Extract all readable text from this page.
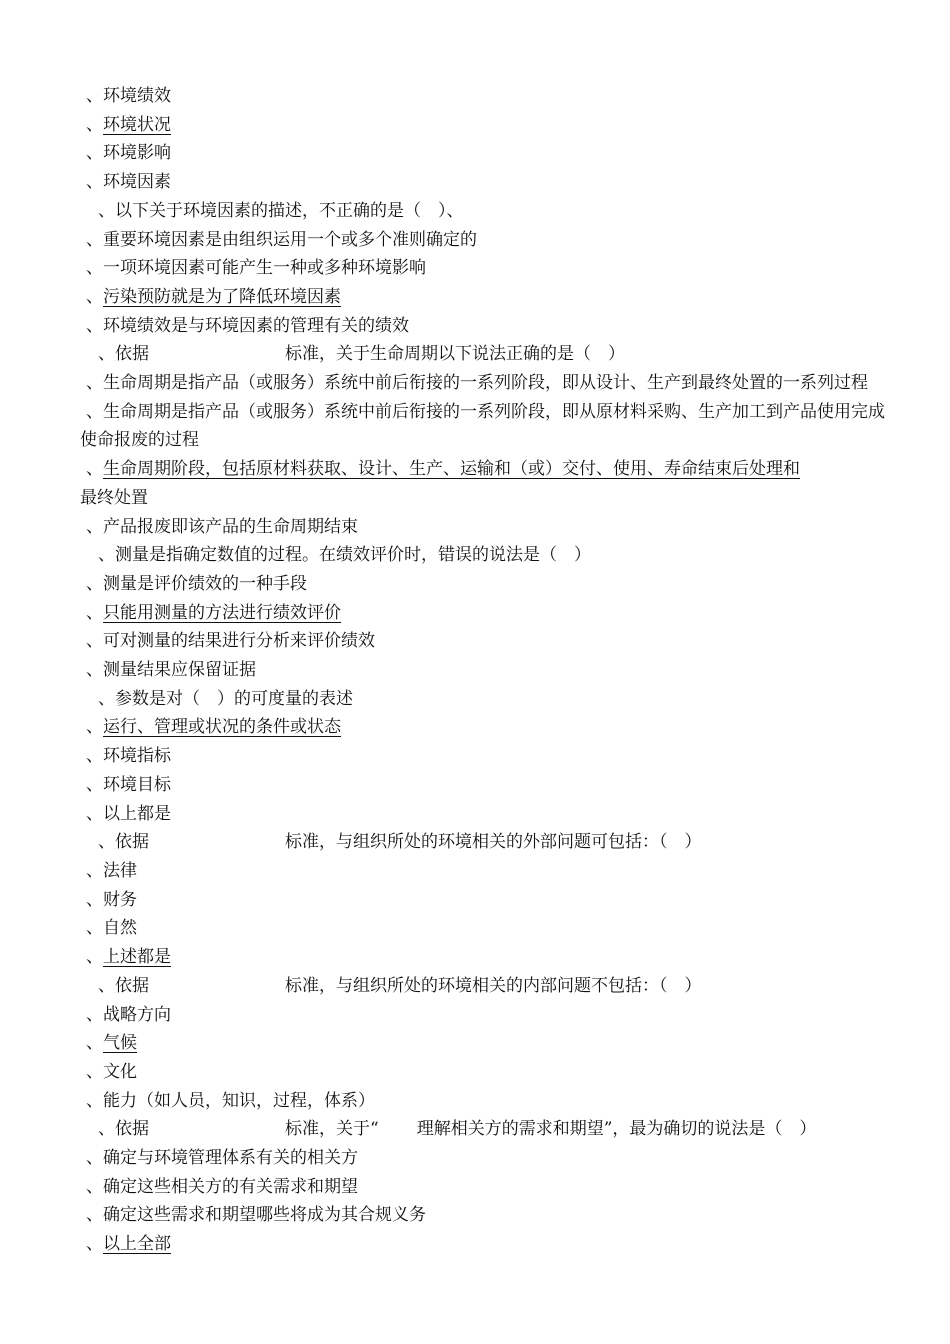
、环境绩效
、环境状况
、环境影响
、环境因素
、以下关于环境因素的描述，不正确的是（　）、
、重要环境因素是由组织运用一个或多个准则确定的
、一项环境因素可能产生一种或多种环境影响
、污染预防就是为了降低环境因素
、环境绩效是与环境因素的管理有关的绩效
、依据	标准，关于生命周期以下说法正确的是（　）
、生命周期是指产品（或服务）系统中前后衔接的一系列阶段，即从设计、生产到最终处置的一系列过程
、生命周期是指产品（或服务）系统中前后衔接的一系列阶段，即从原材料采购、生产加工到产品使用完成使命报废的过程
、生命周期阶段，包括原材料获取、设计、生产、运输和（或）交付、使用、寿命结束后处理和
最终处置
、产品报废即该产品的生命周期结束
、测量是指确定数值的过程。在绩效评价时，错误的说法是（　）
、测量是评价绩效的一种手段
、只能用测量的方法进行绩效评价
、可对测量的结果进行分析来评价绩效
、测量结果应保留证据
、参数是对（　）的可度量的表述
、运行、管理或状况的条件或状态
、环境指标
、环境目标
、以上都是
、依据	标准，与组织所处的环境相关的外部问题可包括：（　）
、法律
、财务
、自然
、上述都是
、依据	标准，与组织所处的环境相关的内部问题不包括：（　）
、战略方向
、气候
、文化
、能力（如人员，知识，过程，体系）
、依据	标准，关于“ 理解相关方的需求和期望”，最为确切的说法是（　）
、确定与环境管理体系有关的相关方
、确定这些相关方的有关需求和期望
、确定这些需求和期望哪些将成为其合规义务
、以上全部
